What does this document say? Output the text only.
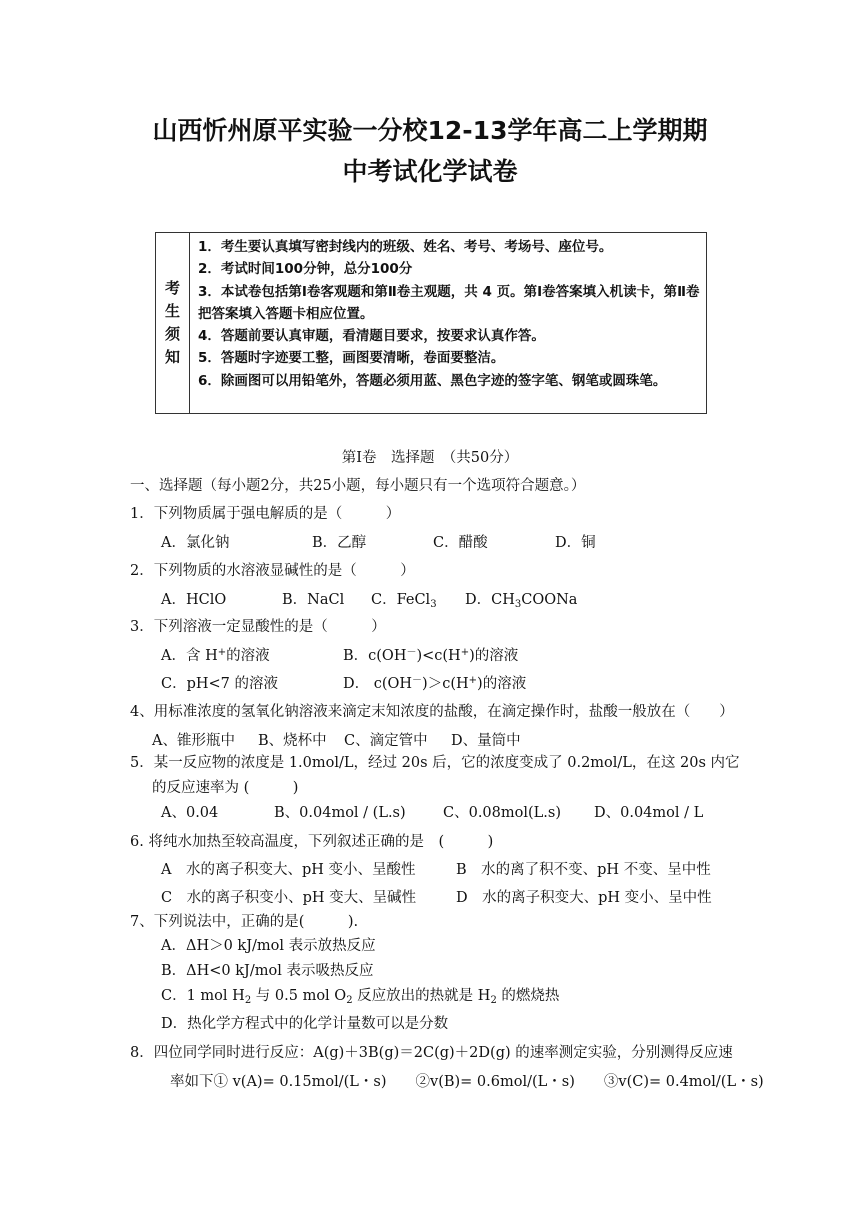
山西忻州原平实验一分校12-13学年高二上学期期
中考试化学试卷
考生须知
1．考生要认真填写密封线内的班级、姓名、考号、考场号、座位号。
2．考试时间100分钟，总分100分
3．本试卷包括第Ⅰ卷客观题和第Ⅱ卷主观题，共 4 页。第Ⅰ卷答案填入机读卡，第Ⅱ卷把答案填入答题卡相应位置。
4．答题前要认真审题，看清题目要求，按要求认真作答。
5．答题时字迹要工整，画图要清晰，卷面要整洁。
6．除画图可以用铅笔外，答题必须用蓝、黑色字迹的签字笔、钢笔或圆珠笔。
第Ⅰ卷　选择题　（共50分）
一、选择题（每小题2分，共25小题，每小题只有一个选项符合题意。）
1．下列物质属于强电解质的是（　　　）
A．氯化钠	B．乙醇	C．醋酸	D．铜
2．下列物质的水溶液显碱性的是（　　　）
A．HClO	B．NaCl C．FeCl$_3$ D．$CH_3COONa$
3．下列溶液一定显酸性的是（　　　）
A．含 H+的溶液	B．c(OH－)<c(H+)的溶液
C．pH<7 的溶液	D． c(OH－)＞c(H+)的溶液
4、用标准浓度的氢氧化钠溶液来滴定末知浓度的盐酸，在滴定操作时，盐酸一般放在（　　）
A、锥形瓶中 B、烧杯中 C、滴定管中 D、量筒中
5．某一反应物的浓度是 1.0mol/L，经过 20s 后，它的浓度变成了 0.2mol/L，在这 20s 内它
的反应速率为 (　　　)
A、0.04	B、0.04mol / (L.s)	C、0.08mol(L.s) D、0.04mol / L
6. 将纯水加热至较高温度，下列叙述正确的是　(　　　)
A　水的离子积变大、pH 变小、呈酸性	B　水的离了积不变、pH 不变、呈中性
C　水的离子积变小、pH 变大、呈碱性	D　水的离子积变大、pH 变小、呈中性
7、下列说法中，正确的是(　　　).
A．ΔH＞0 kJ/mol 表示放热反应
B．ΔH<0 kJ/mol 表示吸热反应
C．1 mol $H_2$ 与 0.5 mol $O_2$ 反应放出的热就是 $H_2$ 的燃烧热
D．热化学方程式中的化学计量数可以是分数
8．四位同学同时进行反应：A(g)＋3B(g)＝2C(g)＋2D(g) 的速率测定实验，分别测得反应速
率如下① v(A)= 0.15mol/(L・s)　　②v(B)= 0.6mol/(L・s)　　③v(C)= 0.4mol/(L・s)
